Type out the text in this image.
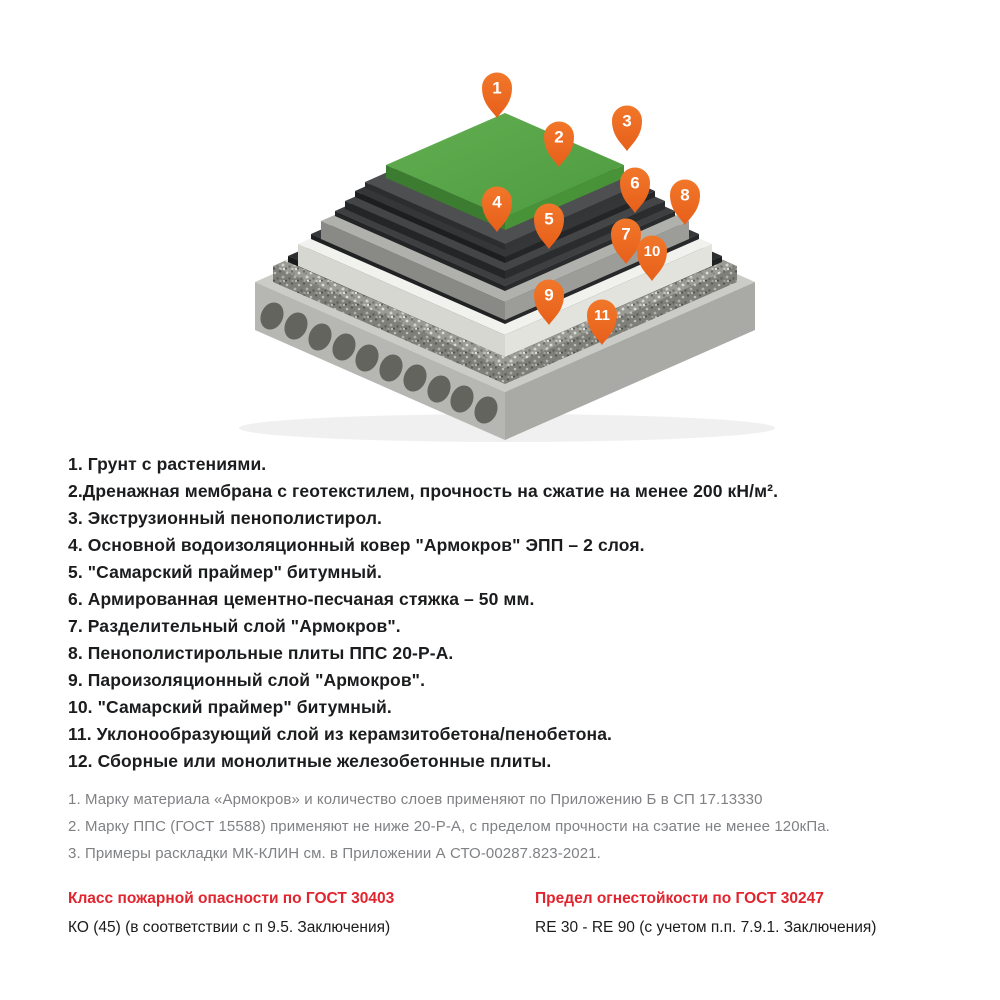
1
2
3
4
5
6
7
8
9
10
11
1. Грунт с растениями.
2.Дренажная мембрана с геотекстилем, прочность на сжатие на менее 200 кН/м².
3. Экструзионный пенополистирол.
4. Основной водоизоляционный ковер "Армокров" ЭПП – 2 слоя.
5. "Самарский праймер" битумный.
6. Армированная цементно-песчаная стяжка – 50 мм.
7. Разделительный слой "Армокров".
8. Пенополистирольные плиты ППС 20-Р-А.
9. Пароизоляционный слой "Армокров".
10. "Самарский праймер" битумный.
11. Уклонообразующий слой из керамзитобетона/пенобетона.
12. Сборные или монолитные железобетонные плиты.
1. Марку материала «Армокров» и количество слоев применяют по Приложению Б в СП 17.13330
2. Марку ППС (ГОСТ 15588) применяют не ниже 20-Р-А, с пределом прочности на сэатие не менее 120кПа.
3. Примеры раскладки МК-КЛИН см. в Приложении А СТО-00287.823-2021.
Класс пожарной опасности по ГОСТ 30403
КО (45) (в соответствии с п 9.5. Заключения)
Предел огнестойкости по ГОСТ 30247
RE 30 - RE 90 (с учетом п.п. 7.9.1. Заключения)
